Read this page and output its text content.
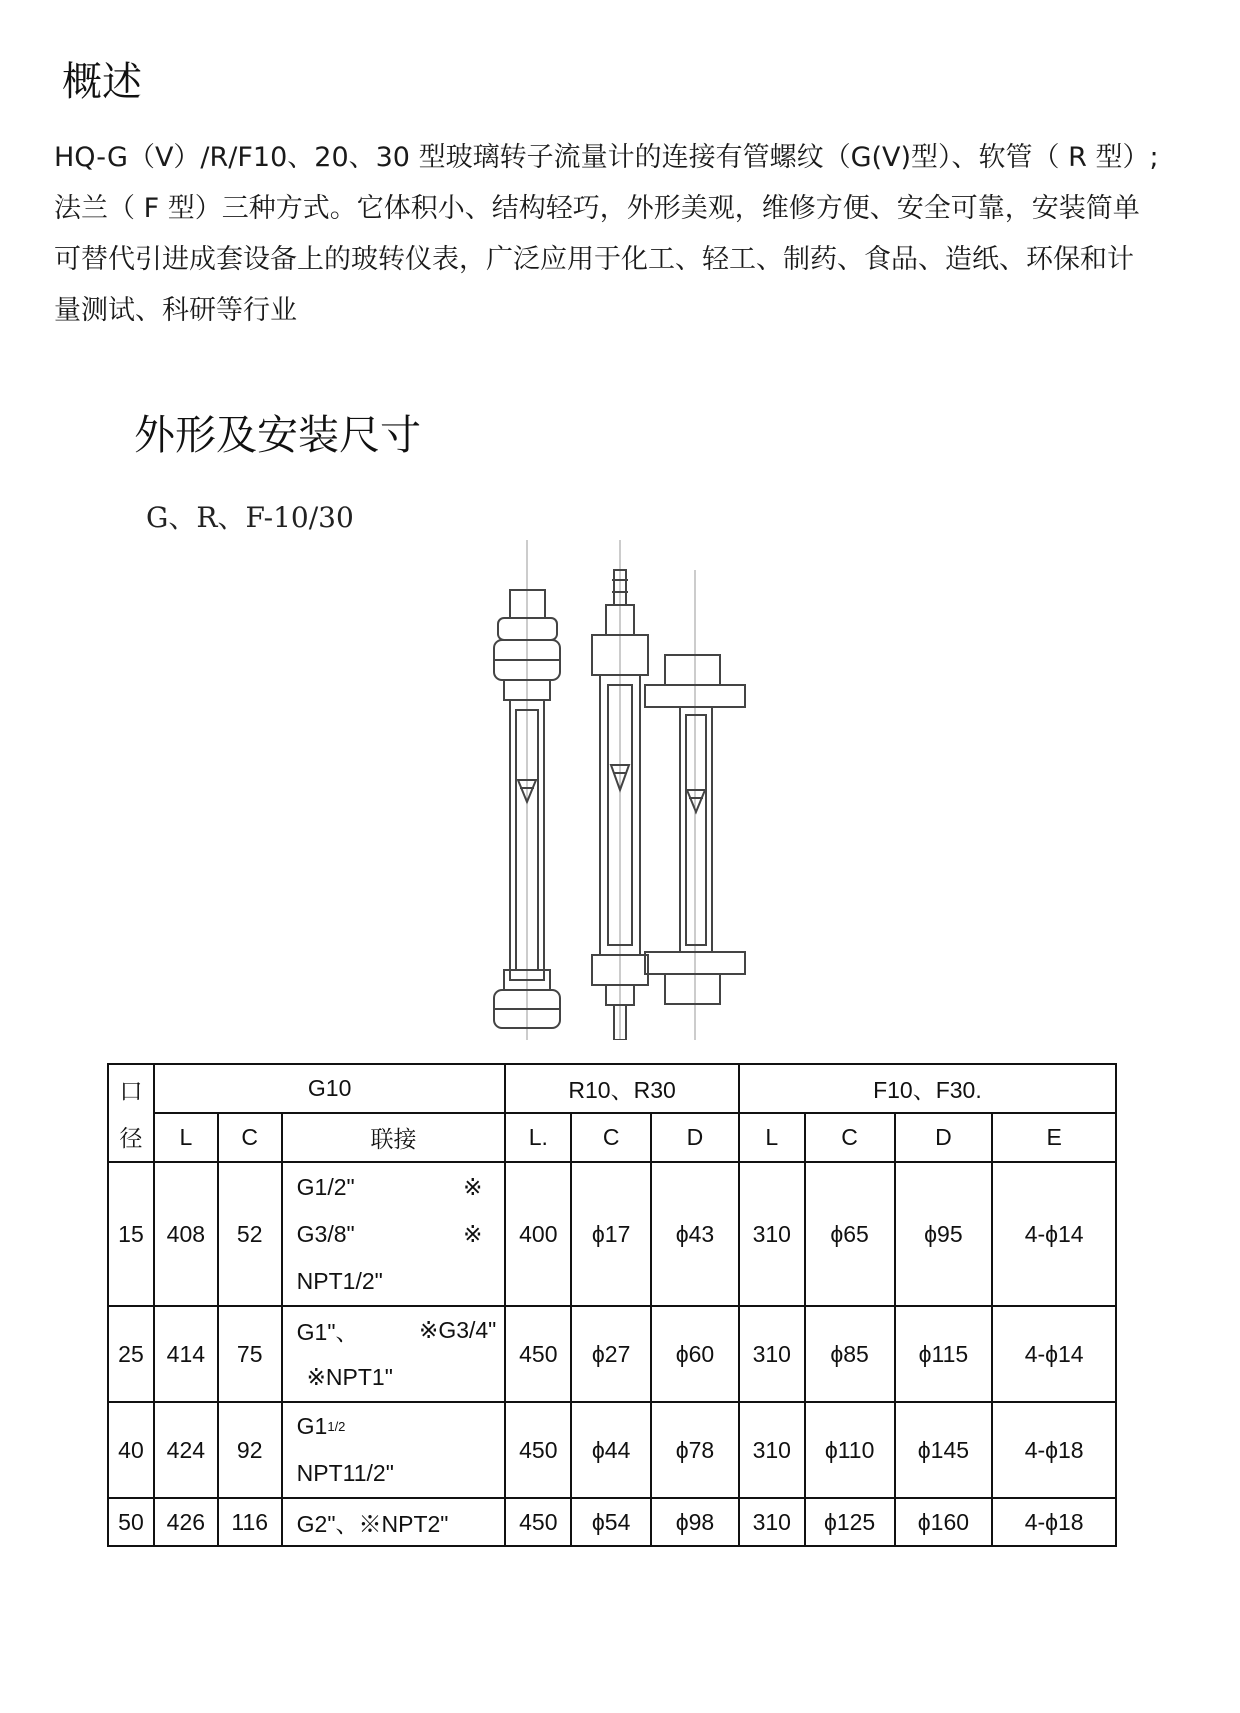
概述

HQ-G（V）/R/F10、20、30 型玻璃转子流量计的连接有管螺纹（G(V)型）、软管（ R 型）;

法兰（ F 型）三种方式。它体积小、结构轻巧，外形美观，维修方便、安全可靠，安装简单

可替代引进成套设备上的玻转仪表，广泛应用于化工、轻工、制药、食品、造纸、环保和计

量测试、科研等行业

外形及安装尺寸
G、R、F-10/30
口
径	G10			R10、R30			F10、F30.			
	L	C	联接	L.	C	D	L	C	D	E
15	408	52	G1/2" ※
G3/8" ※
NPT1/2"	400	ϕ17	ϕ43	310	ϕ65	ϕ95	4-ϕ14
25	414	75	G1"、 ※G3/4"
※NPT1"	450	ϕ27	ϕ60	310	ϕ85	ϕ115	4-ϕ14
40	424	92	G1 1/2
NPT11/2"	450	ϕ44	ϕ78	310	ϕ110	ϕ145	4-ϕ18
50	426	116	G2"、※NPT2"	450	ϕ54	ϕ98	310	ϕ125	ϕ160	4-ϕ18
